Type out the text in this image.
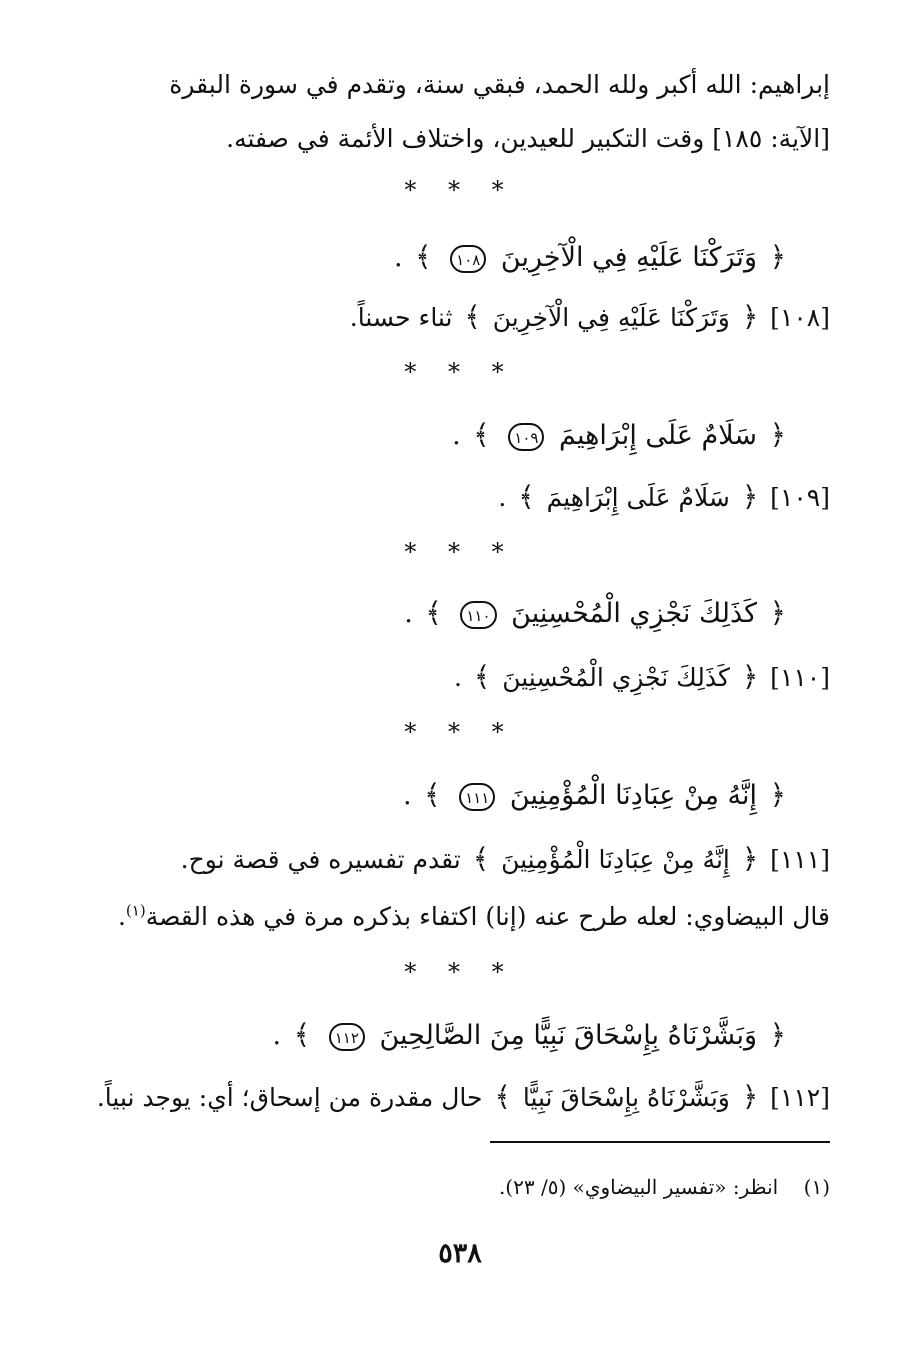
إبراهيم: الله أكبر ولله الحمد، فبقي سنة، وتقدم في سورة البقرة
[الآية: ١٨٥] وقت التكبير للعيدين، واختلاف الأئمة في صفته.
* * *
﴿ وَتَرَكْنَا عَلَيْهِ فِي الْآخِرِينَ ١٠٨ ﴾ .
[١٠٨] ﴿ وَتَرَكْنَا عَلَيْهِ فِي الْآخِرِينَ ﴾ ثناء حسناً.
* * *
﴿ سَلَامٌ عَلَى إِبْرَاهِيمَ ١٠٩ ﴾ .
[١٠٩] ﴿ سَلَامٌ عَلَى إِبْرَاهِيمَ ﴾ .
* * *
﴿ كَذَلِكَ نَجْزِي الْمُحْسِنِينَ ١١٠ ﴾ .
[١١٠] ﴿ كَذَلِكَ نَجْزِي الْمُحْسِنِينَ ﴾ .
* * *
﴿ إِنَّهُ مِنْ عِبَادِنَا الْمُؤْمِنِينَ ١١١ ﴾ .
[١١١] ﴿ إِنَّهُ مِنْ عِبَادِنَا الْمُؤْمِنِينَ ﴾ تقدم تفسيره في قصة نوح.
قال البيضاوي: لعله طرح عنه (إنا) اكتفاء بذكره مرة في هذه القصة$^{(١)}$.
* * *
﴿ وَبَشَّرْنَاهُ بِإِسْحَاقَ نَبِيًّا مِنَ الصَّالِحِينَ ١١٢ ﴾ .
[١١٢] ﴿ وَبَشَّرْنَاهُ بِإِسْحَاقَ نَبِيًّا ﴾ حال مقدرة من إسحاق؛ أي: يوجد نبياً.
(١)    انظر: «تفسير البيضاوي» (٥/ ٢٣).
٥٣٨
